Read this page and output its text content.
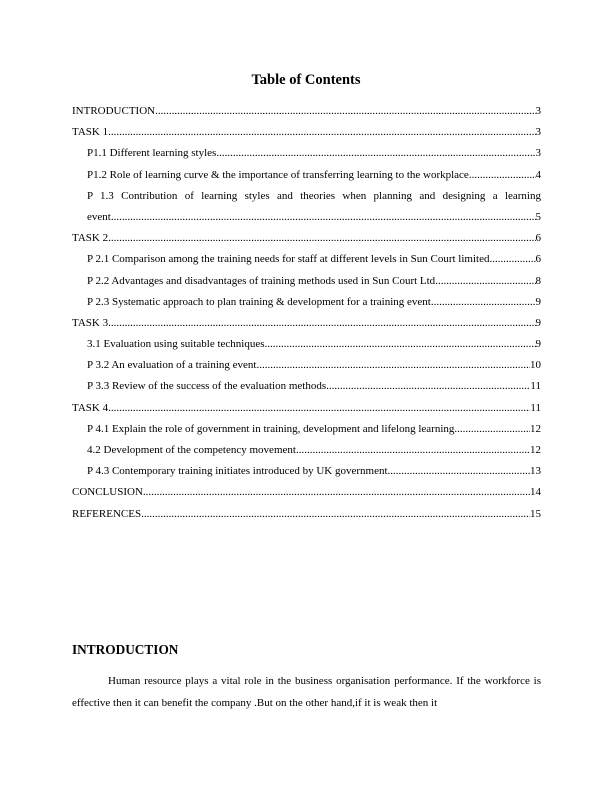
Table of Contents
INTRODUCTION .....	3
TASK 1 .....	3
P1.1 Different learning styles .....	3
P1.2 Role of learning curve & the importance of transferring learning to the workplace .....	4
P 1.3 Contribution of learning styles and theories when planning and designing a learning
event .....	5
TASK 2 .....	6
P 2.1 Comparison among the training needs for staff at different levels in Sun Court limited. .....	6
P 2.2 Advantages and disadvantages of training methods used in Sun Court Ltd .....	8
P 2.3 Systematic approach to plan training & development for a training event .....	9
TASK 3 .....	9
3.1 Evaluation using suitable techniques .....	9
P 3.2 An evaluation of a training event .....	10
P 3.3 Review of the success of the evaluation methods .....	11
TASK 4 .....	11
P 4.1 Explain the role of government in training, development and lifelong learning .....	12
4.2 Development of the competency movement .....	12
P 4.3 Contemporary training initiates introduced by UK government .....	13
CONCLUSION .....	14
REFERENCES .....	15
INTRODUCTION

Human resource plays a vital role in the business organisation performance. If the workforce is effective then it can benefit the company .But on the other hand,if it is weak then it
